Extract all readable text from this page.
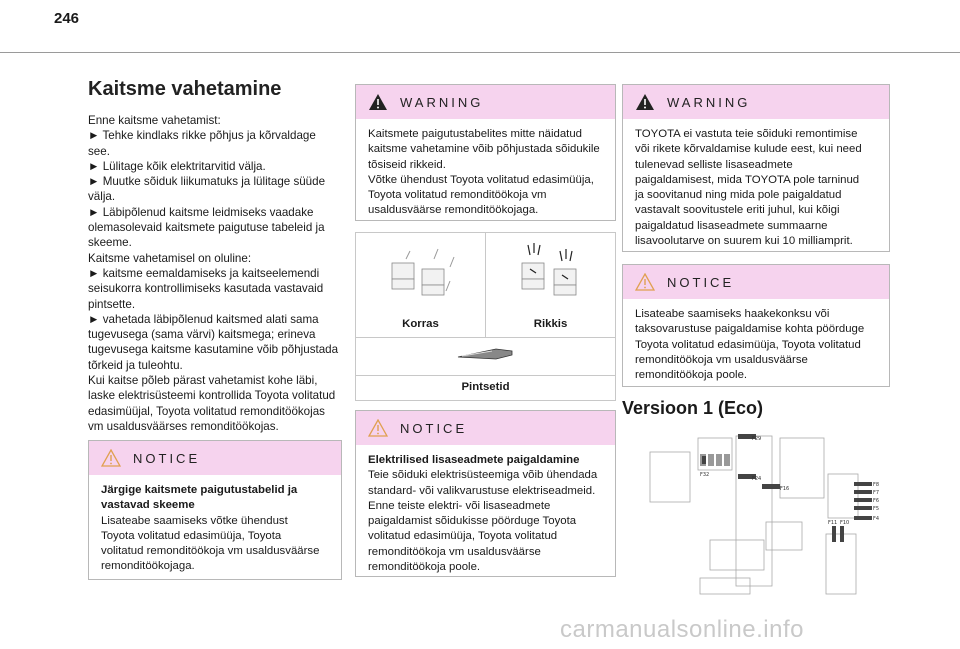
246
Kaitsme vahetamine
Enne kaitsme vahetamist:
► Tehke kindlaks rikke põhjus ja kõrvaldage
see.
► Lülitage kõik elektritarvitid välja.
► Muutke sõiduk liikumatuks ja lülitage süüde
välja.
► Läbipõlenud kaitsme leidmiseks vaadake
olemasolevaid kaitsmete paigutuse tabeleid ja
skeeme.
Kaitsme vahetamisel on oluline:
► kaitsme eemaldamiseks ja kaitseelemendi
seisukorra kontrollimiseks kasutada vastavaid
pintsette.
► vahetada läbipõlenud kaitsmed alati sama
tugevusega (sama värvi) kaitsmega; erineva
tugevusega kaitsme kasutamine võib põhjustada
tõrkeid ja tuleohtu.
Kui kaitse põleb pärast vahetamist kohe läbi,
laske elektrisüsteemi kontrollida Toyota volitatud
edasimüüjal, Toyota volitatud remonditöökojas
vm usaldusväärses remonditöökojas.
NOTICE
Järgige kaitsmete paigutustabelid ja
vastavad skeeme
Lisateabe saamiseks võtke ühendust
Toyota volitatud edasimüüja, Toyota
volitatud remonditöökoja vm usaldusväärse
remonditöökojaga.
WARNING
Kaitsmete paigutustabelites mitte näidatud
kaitsme vahetamine võib põhjustada sõidukile
tõsiseid rikkeid.
Võtke ühendust Toyota volitatud edasimüüja,
Toyota volitatud remonditöökoja vm
usaldusväärse remonditöökojaga.
Korras	Rikkis
Pintsetid
NOTICE
Elektrilised lisaseadmete paigaldamine
Teie sõiduki elektrisüsteemiga võib ühendada
standard- või valikvarustuse elektriseadmeid.
Enne teiste elektri- või lisaseadmete
paigaldamist sõidukisse pöörduge Toyota
volitatud edasimüüja, Toyota volitatud
remonditöökoja vm usaldusväärse
remonditöökoja poole.
WARNING
TOYOTA ei vastuta teie sõiduki remontimise
või rikete kõrvaldamise kulude eest, kui need
tulenevad selliste lisaseadmete
paigaldamisest, mida TOYOTA pole tarninud
ja soovitanud ning mida pole paigaldatud
vastavalt soovitustele eriti juhul, kui kõigi
paigaldatud lisaseadmete summaarne
lisavoolutarve on suurem kui 10 milliamprit.
NOTICE
Lisateabe saamiseks haakekonksu või
taksovarustuse paigaldamise kohta pöörduge
Toyota volitatud edasimüüja, Toyota volitatud
remonditöökoja vm usaldusväärse
remonditöökoja poole.
Versioon 1 (Eco)
F29
F32
F24
F16
F8
F7
F6
F5
F11 F10
F4
carmanualsonline.info
